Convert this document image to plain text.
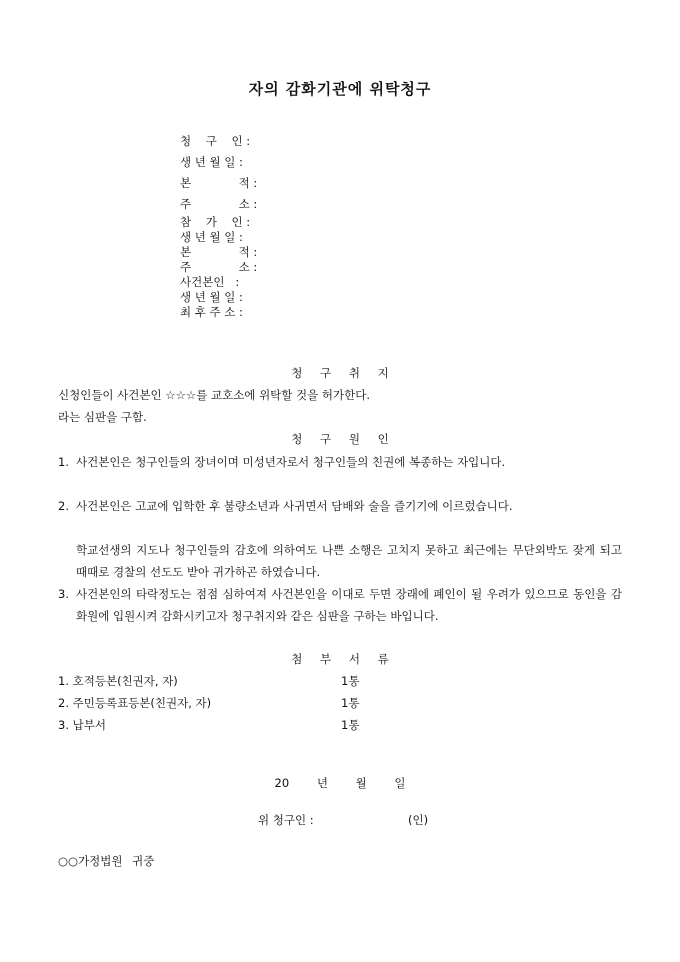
자의 감화기관에 위탁청구
청    구    인 :
생 년 월 일 :
본             적 :
주             소 :
참    가    인 :
생 년 월 일 :
본             적 :
주             소 :
사건본인   :
생 년 월 일 :
최 후 주 소 :
청 구 취 지
신청인들이 사건본인 ☆☆☆를 교호소에 위탁할 것을 허가한다.
라는 심판을 구함.
청 구 원 인
1. 사건본인은 청구인들의 장녀이며 미성년자로서 청구인들의 친권에 복종하는 자입니다.
2. 사건본인은 고교에 입학한 후 불량소년과 사귀면서 담배와 술을 즐기기에 이르렀습니다.
학교선생의 지도나 청구인들의 감호에 의하여도 나쁜 소행은 고치지 못하고 최근에는 무단외박도 잦게 되고 때때로 경찰의 선도도 받아 귀가하곤 하였습니다.
3. 사건본인의 타락정도는 점점 심하여져 사건본인을 이대로 두면 장래에 폐인이 될 우려가 있으므로 동인을 감화원에 입원시켜 감화시키고자 청구취지와 같은 심판을 구하는 바입니다.
첨 부 서 류
1. 호적등본(친권자, 자)	1통
2. 주민등록표등본(친권자, 자)	1통
3. 납부서	1통
20 년 월 일
위 청구인 :	(인)
○○가정법원 귀중
